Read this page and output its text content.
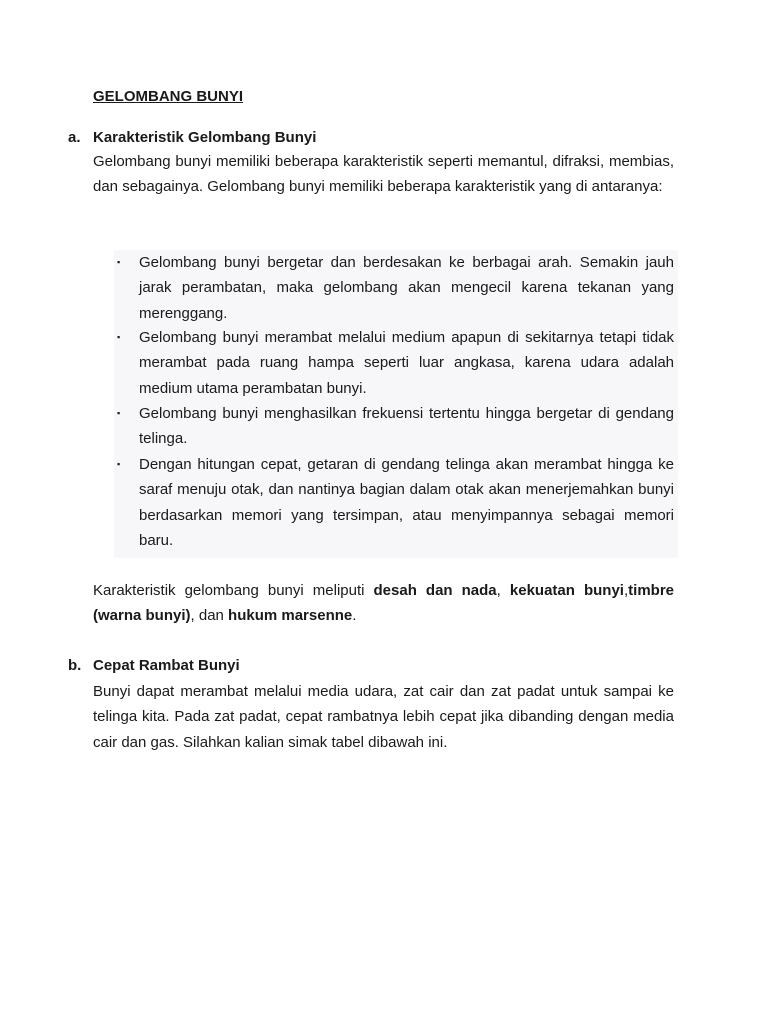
GELOMBANG BUNYI
a. Karakteristik Gelombang Bunyi
Gelombang bunyi memiliki beberapa karakteristik seperti memantul, difraksi, membias, dan sebagainya. Gelombang bunyi memiliki beberapa karakteristik yang di antaranya:
▪ Gelombang bunyi bergetar dan berdesakan ke berbagai arah. Semakin jauh jarak perambatan, maka gelombang akan mengecil karena tekanan yang merenggang.
▪ Gelombang bunyi merambat melalui medium apapun di sekitarnya tetapi tidak merambat pada ruang hampa seperti luar angkasa, karena udara adalah medium utama perambatan bunyi.
▪ Gelombang bunyi menghasilkan frekuensi tertentu hingga bergetar di gendang telinga.
▪ Dengan hitungan cepat, getaran di gendang telinga akan merambat hingga ke saraf menuju otak, dan nantinya bagian dalam otak akan menerjemahkan bunyi berdasarkan memori yang tersimpan, atau menyimpannya sebagai memori baru.
Karakteristik gelombang bunyi meliputi desah dan nada, kekuatan bunyi,timbre (warna bunyi), dan hukum marsenne.
b. Cepat Rambat Bunyi
Bunyi dapat merambat melalui media udara, zat cair dan zat padat untuk sampai ke telinga kita. Pada zat padat, cepat rambatnya lebih cepat jika dibanding dengan media cair dan gas. Silahkan kalian simak tabel dibawah ini.
